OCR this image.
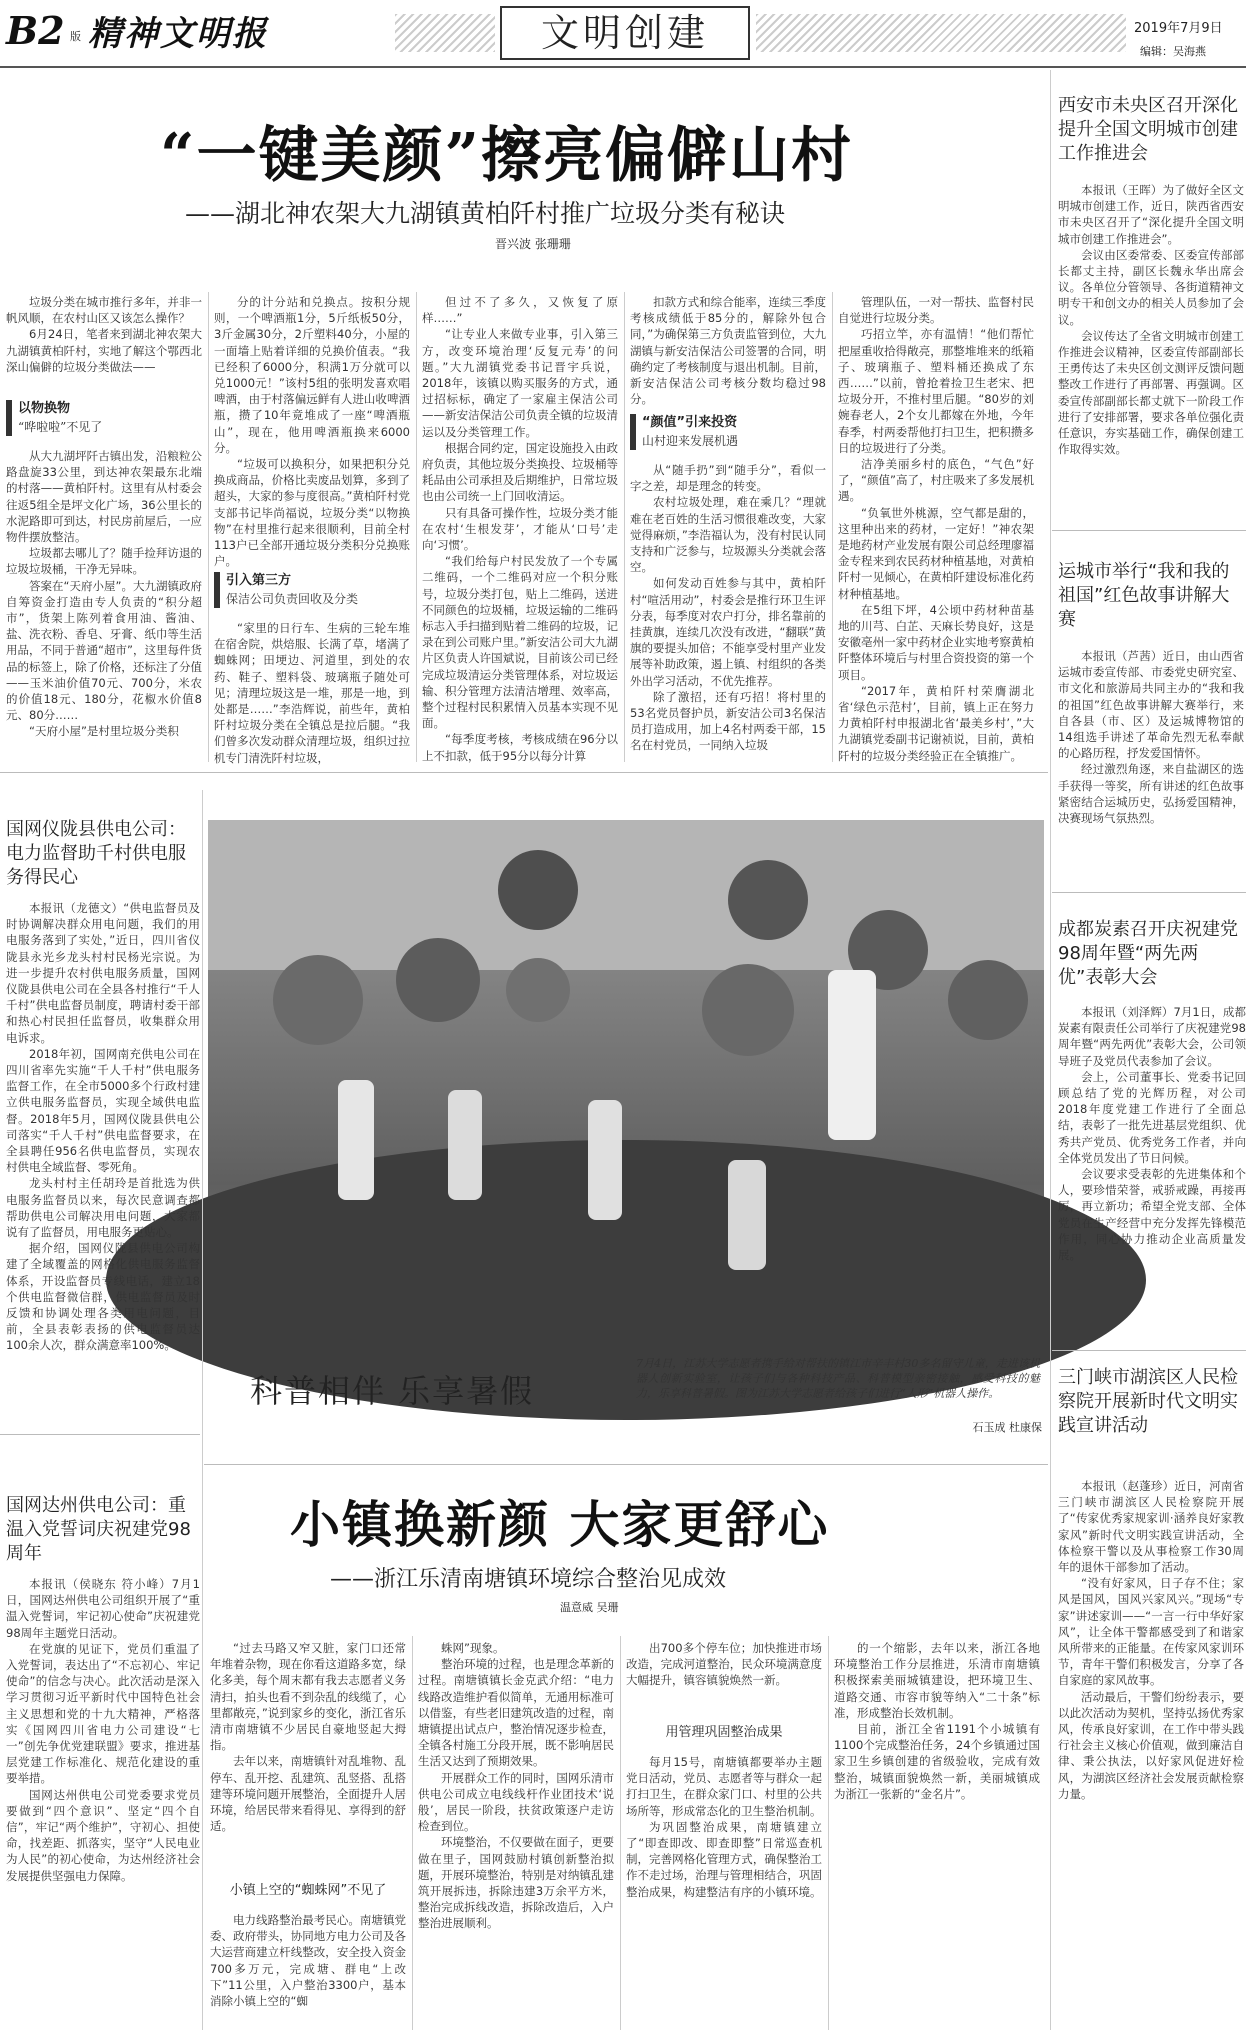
B2 版 精神文明报	文明创建	2019年7月9日
编辑：吴海燕
“一键美颜”擦亮偏僻山村
——湖北神农架大九湖镇黄柏阡村推广垃圾分类有秘诀
晋兴波 张珊珊

垃圾分类在城市推行多年，并非一帆风顺，在农村山区又该怎么操作？

6月24日，笔者来到湖北神农架大九湖镇黄柏阡村，实地了解这个鄂西北深山偏僻的垃圾分类做法——

以物换物
“哗啦啦”不见了

从大九湖坪阡古镇出发，沿粮粒公路盘旋33公里，到达神农架最东北端的村落——黄柏阡村。这里有从村委会往返5组全是坪文化广场，36公里长的水泥路即可到达，村民房前屋后，一应物件摆放整洁。

垃圾都去哪儿了？随手捡拜访退的垃圾垃圾桶，干净无异味。

答案在“天府小屋”。大九湖镇政府自筹资金打造由专人负责的“积分超市”，货架上陈列着食用油、酱油、盐、洗衣粉、香皂、牙膏、纸巾等生活用品，不同于普通“超市”，这里每件货品的标签上，除了价格，还标注了分值——玉米油价值70元、700分，米农的价值18元、180分，花椒水价值8元、80分……

“天府小屋”是村里垃圾分类积

分的计分站和兑换点。按积分规则，一个啤酒瓶1分，5斤纸板50分，3斤金属30分，2斤塑料40分，小屋的一面墙上贴着详细的兑换价值表。“我已经积了6000分，积满1万分就可以兑1000元！”该村5组的张明发喜欢唱啤酒，由于村落偏远鲜有人进山收啤酒瓶，攒了10年竟堆成了一座“啤酒瓶山”，现在，他用啤酒瓶换来6000分。

“垃圾可以换积分，如果把积分兑换成商品，价格比卖废品划算，多到了超头，大家的参与度很高。”黄柏阡村党支部书记毕尚福说，垃圾分类“以物换物”在村里推行起来很顺利，目前全村113户已全部开通垃圾分类积分兑换账户。

引入第三方
保洁公司负责回收及分类

“家里的日行车、生病的三轮车堆在宿舍院，烘焙服、长满了草，堵满了蜘蛛网；田埂边、河道里，到处的农药、鞋子、塑料袋、玻璃瓶子随处可见；清理垃圾这是一堆，那是一地，到处都是……”李浩辉说，前些年，黄柏阡村垃圾分类在全镇总是拉后腿。“我们曾多次发动群众清理垃圾，组织过拉机专门清洗阡村垃圾，

但过不了多久，又恢复了原样……”

“让专业人来做专业事，引入第三方，改变环境治理‘反复元寿’的问题。”大九湖镇党委书记晋宇兵说，2018年，该镇以购买服务的方式，通过招标标，确定了一家雇主保洁公司——新安洁保洁公司负责全镇的垃圾清运以及分类管理工作。

根据合同约定，国定设施投入由政府负责，其他垃圾分类换投、垃圾桶等耗品由公司承担及后期维护，日常垃圾也由公司统一上门回收清运。

只有具备可操作性，垃圾分类才能在农村‘生根发芽’，才能从‘口号’走向‘习惯’。

“我们给每户村民发放了一个专属二维码，一个二维码对应一个积分账号，垃圾分类打包，贴上二维码，送进不同颜色的垃圾桶，垃圾运输的二维码标志入手扫描到贴着二维码的垃圾，记录在到公司账户里。”新安洁公司大九湖片区负责人许国斌说，目前该公司已经完成垃圾清运分类管理体系，对垃圾运输、积分管理方法清洁增理、效率高，整个过程村民积累情入员基本实现不见面。

“每季度考核，考核成绩在96分以上不扣款，低于95分以每分计算

扣款方式和综合能率，连续三季度考核成绩低于85分的，解除外包合同，”为确保第三方负责监管到位，大九湖镇与新安洁保洁公司签署的合同，明确约定了考核制度与退出机制。目前，新安洁保洁公司考核分数均稳过98分。

“颜值”引来投资
山村迎来发展机遇

从“随手扔”到“随手分”，看似一字之差，却是理念的转变。

农村垃圾处理，难在乘几？“理就难在老百姓的生活习惯很难改变，大家觉得麻烦，”李浩福认为，没有村民认同支持和广泛参与，垃圾源头分类就会落空。

如何发动百姓参与其中，黄柏阡村“喧活用动”，村委会是推行环卫生评分表，每季度对农户打分，排名靠前的挂黄旗，连续几次没有改进，“翻联”黄旗的要提头加倍；不能享受村里产业发展等补助政策，遏上镇、村组织的各类外出学习活动，不优先推荐。

除了激招，还有巧招！将村里的53名党员督护员，新安洁公司3名保洁员打造成用，加上4名村两委干部，15名在村党员，一同纳入垃圾

管理队伍，一对一帮扶、监督村民自觉进行垃圾分类。

巧招立竿，亦有温情！“他们帮忙把屋重收拾得敞亮，那整堆堆来的纸箱子、玻璃瓶子、塑料桶还换成了东西……”以前，曾抢着捡卫生老宋、把垃圾分开，不推村里后腿。“80岁的刘婉春老人，2个女儿都嫁在外地，今年春季，村两委帮他打扫卫生，把积攒多日的垃圾进行了分类。

洁净美丽乡村的底色，“气色”好了，“颜值”高了，村庄吸来了多发展机遇。

“负氧世外桃源，空气都是甜的，这里种出来的药材，一定好！”神农架是地药材产业发展有限公司总经理廖福金专程来到农民药材种植基地，对黄柏阡村一见倾心，在黄柏阡建设标准化药材种植基地。

在5组下坪，4公顷中药材种苗基地的川芎、白芷、天麻长势良好，这是安徽亳州一家中药材企业实地考察黄柏阡整体环境后与村里合资投资的第一个项目。

“2017年，黄柏阡村荣膺湖北省‘绿色示范村’，目前，镇上正在努力力黄柏阡村申报湖北省‘最美乡村’，”大九湖镇党委副书记谢祯说，目前，黄柏阡村的垃圾分类经验正在全镇推广。

科普相伴 乐享暑假
7月4日，江苏大学志愿者携手给对帮扶的镇江市辛丰村30多名留守儿童，走进该机器人创新实验室，让孩子们与各种科技产品、科普模型亲密接触，感受科技的魅力，乐享科普暑假。图为江苏大学志愿者给孩子们进行“人形”机器人操作。
石玉成 杜康保
国网仪陇县供电公司：电力监督助千村供电服务得民心

本报讯（龙德文）“供电监督员及时协调解决群众用电问题，我们的用电服务落到了实处，”近日，四川省仪陇县永光乡龙头村村民杨光宗说。为进一步提升农村供电服务质量，国网仪陇县供电公司在全县各村推行“千人千村”供电监督员制度，聘请村委干部和热心村民担任监督员，收集群众用电诉求。

2018年初，国网南充供电公司在四川省率先实施“千人千村”供电服务监督工作，在全市5000多个行政村建立供电服务监督员，实现全域供电监督。2018年5月，国网仪陇县供电公司落实“千人千村”供电监督要求，在全县聘任956名供电监督员，实现农村供电全域监督、零死角。

龙头村村主任胡玲是首批选为供电服务监督员以来，每次民意调查都帮助供电公司解决用电问题，大家都说有了监督员，用电服务更贴心。

据介绍，国网仪陇县供电公司构建了全域覆盖的网格化供电服务监督体系，开设监督员专线电话，建立18个供电监督微信群，供电监督员及时反馈和协调处理各类用电问题，目前，全县表彰表扬的供电监督员达100余人次，群众满意率100%。

国网达州供电公司：重温入党誓词庆祝建党98周年

本报讯（侯晓东 符小峰）7月1日，国网达州供电公司组织开展了“重温入党誓词，牢记初心使命”庆祝建党98周年主题党日活动。

在党旗的见证下，党员们重温了入党誓词，表达出了“不忘初心、牢记使命”的信念与决心。此次活动是深入学习贯彻习近平新时代中国特色社会主义思想和党的十九大精神，严格落实《国网四川省电力公司建设“七一”创先争优党建联盟》要求，推进基层党建工作标准化、规范化建设的重要举措。

国网达州供电公司党委要求党员要做到“四个意识”、坚定“四个自信”，牢记“两个维护”，守初心、担使命，找差距、抓落实，坚守“人民电业为人民”的初心使命，为达州经济社会发展提供坚强电力保障。

小镇换新颜 大家更舒心
——浙江乐清南塘镇环境综合整治见成效
温意威 吴珊

“过去马路又窄又脏，家门口还常年堆着杂物，现在你看这道路多宽，绿化多美，每个周末都有我去志愿者义务清扫，拍头也看不到杂乱的线缆了，心里都敞亮，”说到家乡的变化，浙江省乐清市南塘镇不少居民自豪地竖起大拇指。

去年以来，南塘镇针对乱堆物、乱停车、乱开挖、乱建筑、乱竖搭、乱搭建等环境问题开展整治，全面提升人居环境，给居民带来看得见、享得到的舒适。

小镇上空的“蜘蛛网”不见了

电力线路整治最考民心。南塘镇党委、政府带头，协同地方电力公司及各大运营商建立杆线整改，安全投入资金700多万元，完成塘、群电“上改下”11公里，入户整治3300户，基本消除小镇上空的“蜘

蛛网”现象。

整治环境的过程，也是理念革新的过程。南塘镇镇长金克武介绍：“电力线路改造维护看似简单，无通用标准可以借鉴，有些老旧建筑改造的过程，南塘镇提出试点户，整治情况逐步检查，全镇各村施工分段开展，既不影响居民生活又达到了预期效果。

开展群众工作的同时，国网乐清市供电公司成立电线线杆作业团技术‘说般’，居民一阶段，扶贫政策逐户走访检查到位。

环境整治，不仅要做在面子，更要做在里子，国网鼓励村镇创新整治拟题，开展环境整治，特别是对纳镇乱建筑开展拆违，拆除违建3万余平方米，整治完成拆线改造，拆除改造后，入户整治进展顺利。

出700多个停车位；加快推进市场改造，完成河道整治，民众环境满意度大幅提升，镇容镇貌焕然一新。

用管理巩固整治成果

每月15号，南塘镇都要举办主题党日活动，党员、志愿者等与群众一起打扫卫生，在群众家门口、村里的公共场所等，形成常态化的卫生整治机制。

为巩固整治成果，南塘镇建立了“即查即改、即查即整”日常巡查机制，完善网格化管理方式，确保整治工作不走过场，治理与管理相结合，巩固整治成果，构建整洁有序的小镇环境。

的一个缩影，去年以来，浙江各地环境整治工作分层推进，乐清市南塘镇积极探索美丽城镇建设，把环境卫生、道路交通、市容市貌等纳入“二十条”标准，形成整治长效机制。

目前，浙江全省1191个小城镇有1100个完成整治任务，24个乡镇通过国家卫生乡镇创建的省级验收，完成有效整治，城镇面貌焕然一新，美丽城镇成为浙江一张新的“金名片”。

西安市未央区召开深化提升全国文明城市创建工作推进会

本报讯（王晖）为了做好全区文明城市创建工作，近日，陕西省西安市未央区召开了“深化提升全国文明城市创建工作推进会”。

会议由区委常委、区委宣传部部长都丈主持，副区长魏永华出席会议。各单位分管领导、各街道精神文明专干和创文办的相关人员参加了会议。

会议传达了全省文明城市创建工作推进会议精神，区委宣传部副部长王勇传达了未央区创文测评反馈问题整改工作进行了再部署、再强调。区委宣传部副部长都丈就下一阶段工作进行了安排部署，要求各单位强化责任意识，夯实基础工作，确保创建工作取得实效。

运城市举行“我和我的祖国”红色故事讲解大赛

本报讯（芦茜）近日，由山西省运城市委宣传部、市委党史研究室、市文化和旅游局共同主办的“我和我的祖国”红色故事讲解大赛举行，来自各县（市、区）及运城博物馆的14组选手讲述了革命先烈无私奉献的心路历程，抒发爱国情怀。

经过激烈角逐，来自盐湖区的选手获得一等奖，所有讲述的红色故事紧密结合运城历史，弘扬爱国精神，决赛现场气氛热烈。

成都炭素召开庆祝建党98周年暨“两先两优”表彰大会

本报讯（刘泽辉）7月1日，成都炭素有限责任公司举行了庆祝建党98周年暨“两先两优”表彰大会，公司领导班子及党员代表参加了会议。

会上，公司董事长、党委书记回顾总结了党的光辉历程，对公司2018年度党建工作进行了全面总结，表彰了一批先进基层党组织、优秀共产党员、优秀党务工作者，并向全体党员发出了节日问候。

会议要求受表彰的先进集体和个人，要珍惜荣誉，戒骄戒躁，再接再厉，再立新功；希望全党支部、全体党员在生产经营中充分发挥先锋模范作用，同心协力推动企业高质量发展。

三门峡市湖滨区人民检察院开展新时代文明实践宣讲活动

本报讯（赵蓬珍）近日，河南省三门峡市湖滨区人民检察院开展了“传家优秀家规家训·涵养良好家教家风”新时代文明实践宣讲活动，全体检察干警以及从事检察工作30周年的退休干部参加了活动。

“没有好家风，日子存不住；家风是国风，国风兴家风兴。”现场“专家”讲述家训——“一言一行中华好家风”，让全体干警都感受到了和谐家风所带来的正能量。在传家风家训环节，青年干警们积极发言，分享了各自家庭的家风故事。

活动最后，干警们纷纷表示，要以此次活动为契机，坚持弘扬优秀家风，传承良好家训，在工作中带头践行社会主义核心价值观，做到廉洁自律、秉公执法，以好家风促进好检风，为湖滨区经济社会发展贡献检察力量。
